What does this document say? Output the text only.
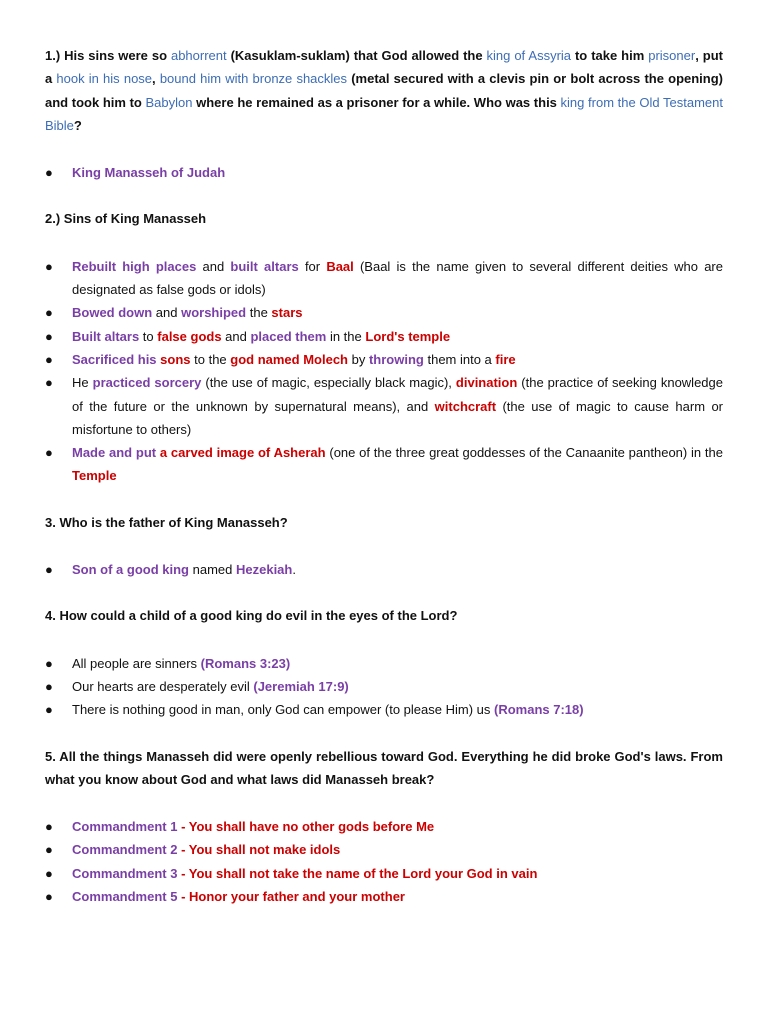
1.) His sins were so abhorrent (Kasuklam-suklam) that God allowed the king of Assyria to take him prisoner, put a hook in his nose, bound him with bronze shackles (metal secured with a clevis pin or bolt across the opening) and took him to Babylon where he remained as a prisoner for a while. Who was this king from the Old Testament Bible?

● King Manasseh of Judah

2.) Sins of King Manasseh

● Rebuilt high places and built altars for Baal (Baal is the name given to several different deities who are designated as false gods or idols)
● Bowed down and worshiped the stars
● Built altars to false gods and placed them in the Lord's temple
● Sacrificed his sons to the god named Molech by throwing them into a fire
● He practiced sorcery (the use of magic, especially black magic), divination (the practice of seeking knowledge of the future or the unknown by supernatural means), and witchcraft (the use of magic to cause harm or misfortune to others)
● Made and put a carved image of Asherah (one of the three great goddesses of the Canaanite pantheon) in the Temple

3. Who is the father of King Manasseh?

● Son of a good king named Hezekiah.

4. How could a child of a good king do evil in the eyes of the Lord?

● All people are sinners (Romans 3:23)
● Our hearts are desperately evil (Jeremiah 17:9)
● There is nothing good in man, only God can empower (to please Him) us (Romans 7:18)

5. All the things Manasseh did were openly rebellious toward God. Everything he did broke God's laws. From what you know about God and what laws did Manasseh break?

● Commandment 1 - You shall have no other gods before Me
● Commandment 2 - You shall not make idols
● Commandment 3 - You shall not take the name of the Lord your God in vain
● Commandment 5 - Honor your father and your mother
